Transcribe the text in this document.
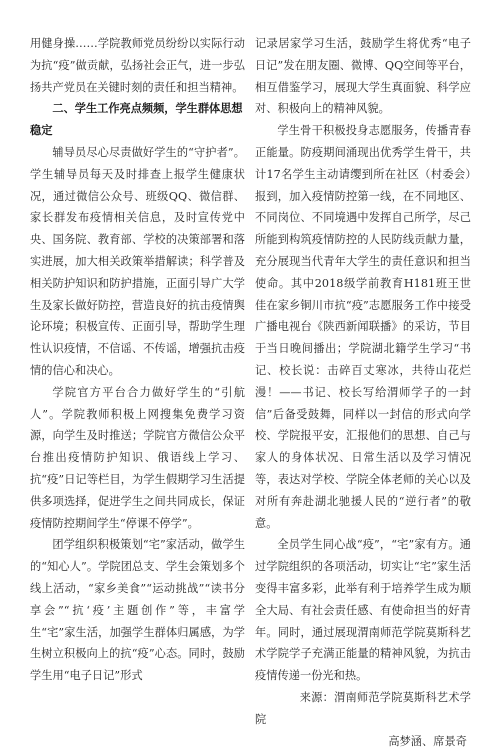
用健身操……学院教师党员纷纷以实际行动为抗“疫”做贡献，弘扬社会正气，进一步弘扬共产党员在关键时刻的责任和担当精神。

二、学生工作亮点频频，学生群体思想稳定

辅导员尽心尽责做好学生的“守护者”。学生辅导员每天及时排查上报学生健康状况，通过微信公众号、班级QQ、微信群、家长群发布疫情相关信息，及时宣传党中央、国务院、教育部、学校的决策部署和落实进展，加大相关政策举措解读；科学普及相关防护知识和防护措施，正面引导广大学生及家长做好防控，营造良好的抗击疫情舆论环境；积极宣传、正面引导，帮助学生理性认识疫情，不信谣、不传谣，增强抗击疫情的信心和决心。

学院官方平台合力做好学生的“引航人”。学院教师积极上网搜集免费学习资源，向学生及时推送；学院官方微信公众平台推出疫情防护知识、俄语线上学习、抗“疫”日记等栏目，为学生假期学习生活提供多项选择，促进学生之间共同成长，保证疫情防控期间学生“停课不停学”。

团学组织积极策划“宅”家活动，做学生的“知心人”。学院团总支、学生会策划多个线上活动，“家乡美食”“运动挑战”“读书分享会”“抗‘疫’主题创作”等，丰富学生“宅”家生活，加强学生群体归属感，为学生树立积极向上的抗“疫”心态。同时，鼓励学生用“电子日记”形式

记录居家学习生活，鼓励学生将优秀“电子日记”发在朋友圈、微博、QQ空间等平台，相互借鉴学习，展现大学生真面貌、科学应对、积极向上的精神风貌。

学生骨干积极投身志愿服务，传播青春正能量。防疫期间涌现出优秀学生骨干，共计17名学生主动请缨到所在社区（村委会）报到，加入疫情防控第一线，在不同地区、不同岗位、不同境遇中发挥自己所学，尽己所能到构筑疫情防控的人民防线贡献力量，充分展现当代青年大学生的责任意识和担当使命。其中2018级学前教育H181班王世佳在家乡铜川市抗“疫”志愿服务工作中接受广播电视台《陕西新闻联播》的采访，节目于当日晚间播出；学院湖北籍学生学习“书记、校长说：击碎百丈寒冰，共待山花烂漫！——书记、校长写给渭师学子的一封信”后备受鼓舞，同样以一封信的形式向学校、学院报平安，汇报他们的思想、自己与家人的身体状况、日常生活以及学习情况等，表达对学校、学院全体老师的关心以及对所有奔赴湖北驰援人民的“逆行者”的敬意。

全员学生同心战“疫”，“宅”家有方。通过学院组织的各项活动，切实让“宅”家生活变得丰富多彩，此举有利于培养学生成为顺全大局、有社会责任感、有使命担当的好青年。同时，通过展现渭南师范学院莫斯科艺术学院学子充满正能量的精神风貌，为抗击疫情传递一份光和热。

来源：渭南师范学院莫斯科艺术学院

高梦涵、席景奇
